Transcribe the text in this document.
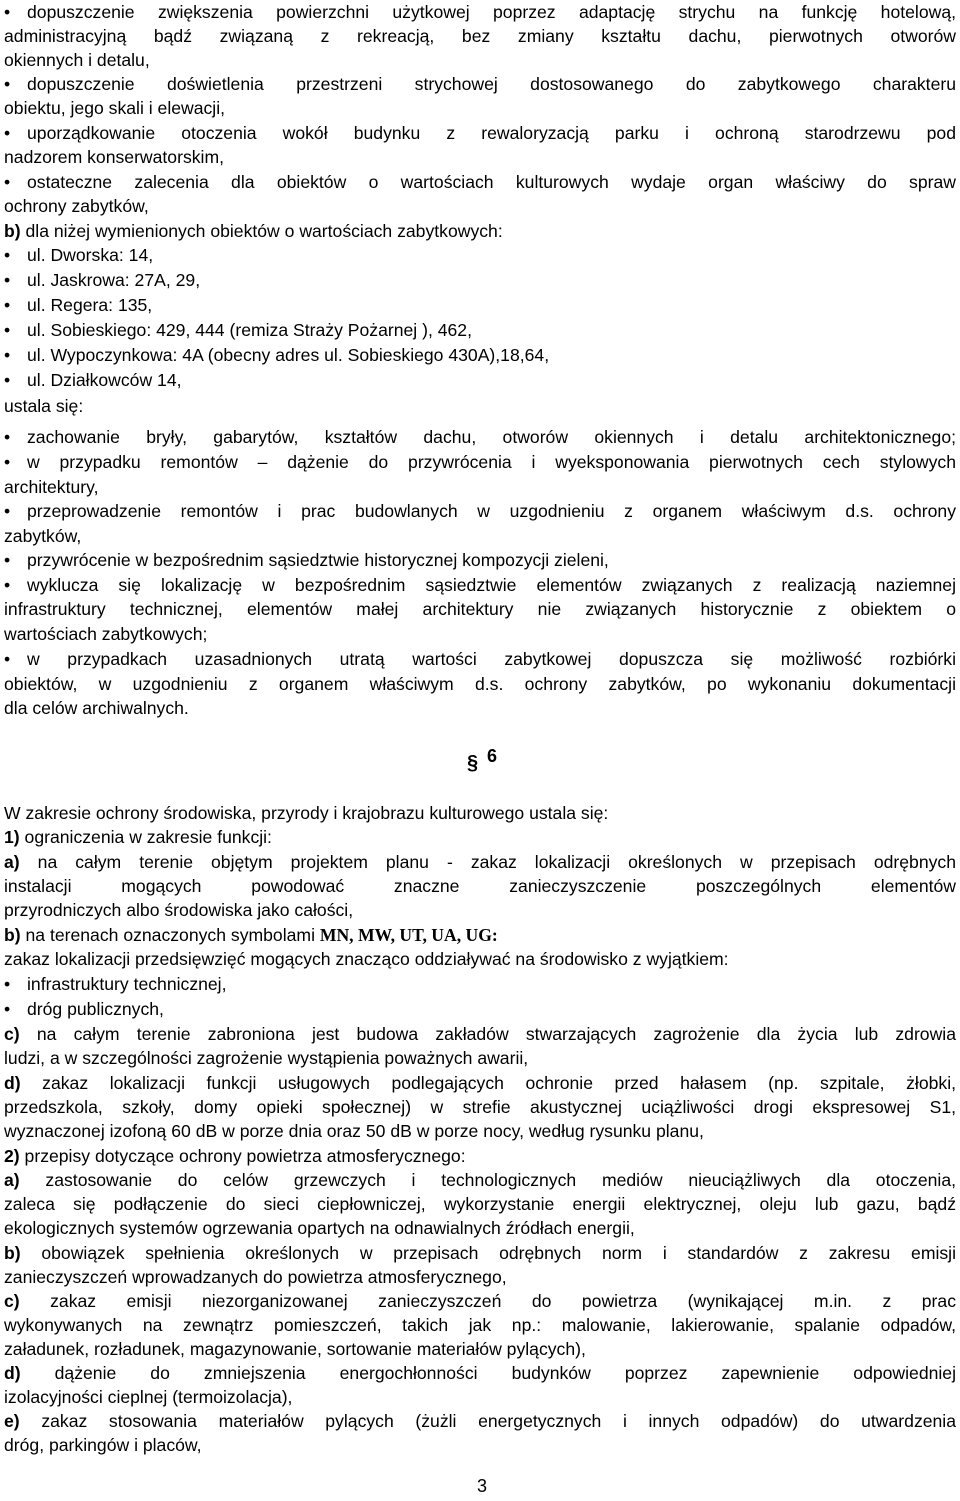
• dopuszczenie zwiększenia powierzchni użytkowej poprzez adaptację strychu na funkcję hotelową,
administracyjną bądź związaną z rekreacją, bez zmiany kształtu dachu, pierwotnych otworów
okiennych i detalu,
• dopuszczenie doświetlenia przestrzeni strychowej dostosowanego do zabytkowego charakteru
obiektu, jego skali i elewacji,
• uporządkowanie otoczenia wokół budynku z rewaloryzacją parku i ochroną starodrzewu pod
nadzorem konserwatorskim,
• ostateczne zalecenia dla obiektów o wartościach kulturowych wydaje organ właściwy do spraw
ochrony zabytków,
b) dla niżej wymienionych obiektów o wartościach zabytkowych:
• ul. Dworska: 14,
• ul. Jaskrowa: 27A, 29,
• ul. Regera: 135,
• ul. Sobieskiego: 429, 444 (remiza Straży Pożarnej ), 462,
• ul. Wypoczynkowa: 4A (obecny adres ul. Sobieskiego 430A),18,64,
• ul. Działkowców 14,
ustala się:
• zachowanie bryły, gabarytów, kształtów dachu, otworów okiennych i detalu architektonicznego;
• w przypadku remontów – dążenie do przywrócenia i wyeksponowania pierwotnych cech stylowych
architektury,
• przeprowadzenie remontów i prac budowlanych w uzgodnieniu z organem właściwym d.s. ochrony
zabytków,
• przywrócenie w bezpośrednim sąsiedztwie historycznej kompozycji zieleni,
• wyklucza się lokalizację w bezpośrednim sąsiedztwie elementów związanych z realizacją naziemnej
infrastruktury technicznej, elementów małej architektury nie związanych historycznie z obiektem o
wartościach zabytkowych;
• w przypadkach uzasadnionych utratą wartości zabytkowej dopuszcza się możliwość rozbiórki
obiektów, w uzgodnieniu z organem właściwym d.s. ochrony zabytków, po wykonaniu dokumentacji
dla celów archiwalnych.
§ 6
W zakresie ochrony środowiska, przyrody i krajobrazu kulturowego ustala się:
1) ograniczenia w zakresie funkcji:
a) na całym terenie objętym projektem planu - zakaz lokalizacji określonych w przepisach odrębnych
instalacji mogących powodować znaczne zanieczyszczenie poszczególnych elementów
przyrodniczych albo środowiska jako całości,
b) na terenach oznaczonych symbolami MN, MW, UT, UA, UG:
zakaz lokalizacji przedsięwzięć mogących znacząco oddziaływać na środowisko z wyjątkiem:
• infrastruktury technicznej,
• dróg publicznych,
c) na całym terenie zabroniona jest budowa zakładów stwarzających zagrożenie dla życia lub zdrowia
ludzi, a w szczególności zagrożenie wystąpienia poważnych awarii,
d) zakaz lokalizacji funkcji usługowych podlegających ochronie przed hałasem (np. szpitale, żłobki,
przedszkola, szkoły, domy opieki społecznej) w strefie akustycznej uciążliwości drogi ekspresowej S1,
wyznaczonej izofoną 60 dB w porze dnia oraz 50 dB w porze nocy, według rysunku planu,
2) przepisy dotyczące ochrony powietrza atmosferycznego:
a) zastosowanie do celów grzewczych i technologicznych mediów nieuciążliwych dla otoczenia,
zaleca się podłączenie do sieci ciepłowniczej, wykorzystanie energii elektrycznej, oleju lub gazu, bądź
ekologicznych systemów ogrzewania opartych na odnawialnych źródłach energii,
b) obowiązek spełnienia określonych w przepisach odrębnych norm i standardów z zakresu emisji
zanieczyszczeń wprowadzanych do powietrza atmosferycznego,
c) zakaz emisji niezorganizowanej zanieczyszczeń do powietrza (wynikającej m.in. z prac
wykonywanych na zewnątrz pomieszczeń, takich jak np.: malowanie, lakierowanie, spalanie odpadów,
załadunek, rozładunek, magazynowanie, sortowanie materiałów pylących),
d) dążenie do zmniejszenia energochłonności budynków poprzez zapewnienie odpowiedniej
izolacyjności cieplnej (termoizolacja),
e) zakaz stosowania materiałów pylących (żużli energetycznych i innych odpadów) do utwardzenia
dróg, parkingów i placów,
3
